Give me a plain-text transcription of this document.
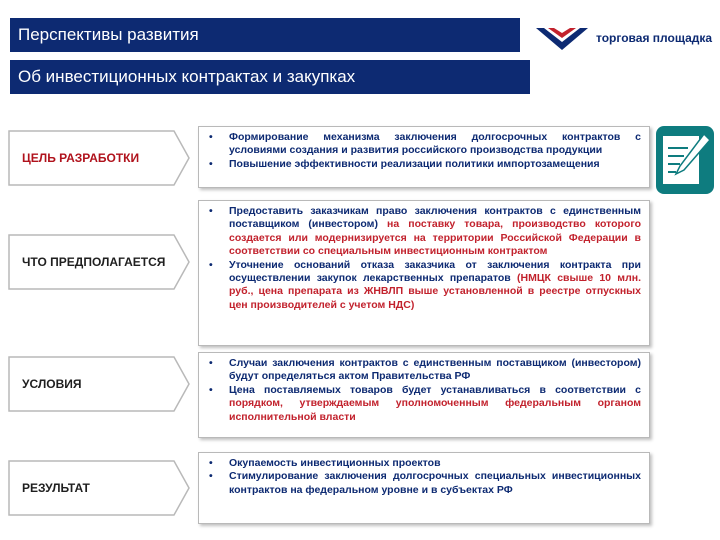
Перспективы развития	торговая площадка
Об инвестиционных контрактах и закупках
ЦЕЛЬ РАЗРАБОТКИ
• Формирование механизма заключения долгосрочных контрактов с условиями создания и развития российского производства продукции
• Повышение эффективности реализации политики импортозамещения
ЧТО ПРЕДПОЛАГАЕТСЯ
• Предоставить заказчикам право заключения контрактов с единственным поставщиком (инвестором) на поставку товара, производство которого создается или модернизируется на территории Российской Федерации в соответствии со специальным инвестиционным контрактом
• Уточнение оснований отказа заказчика от заключения контракта при осуществлении закупок лекарственных препаратов (НМЦК свыше 10 млн. руб., цена препарата из ЖНВЛП выше установленной в реестре отпускных цен производителей с учетом НДС)
УСЛОВИЯ
• Случаи заключения контрактов с единственным поставщиком (инвестором) будут определяться актом Правительства РФ
• Цена поставляемых товаров будет устанавливаться в соответствии с порядком, утверждаемым уполномоченным федеральным органом исполнительной власти
РЕЗУЛЬТАТ
• Окупаемость инвестиционных проектов
• Стимулирование заключения долгосрочных специальных инвестиционных контрактов на федеральном уровне и в субъектах РФ
